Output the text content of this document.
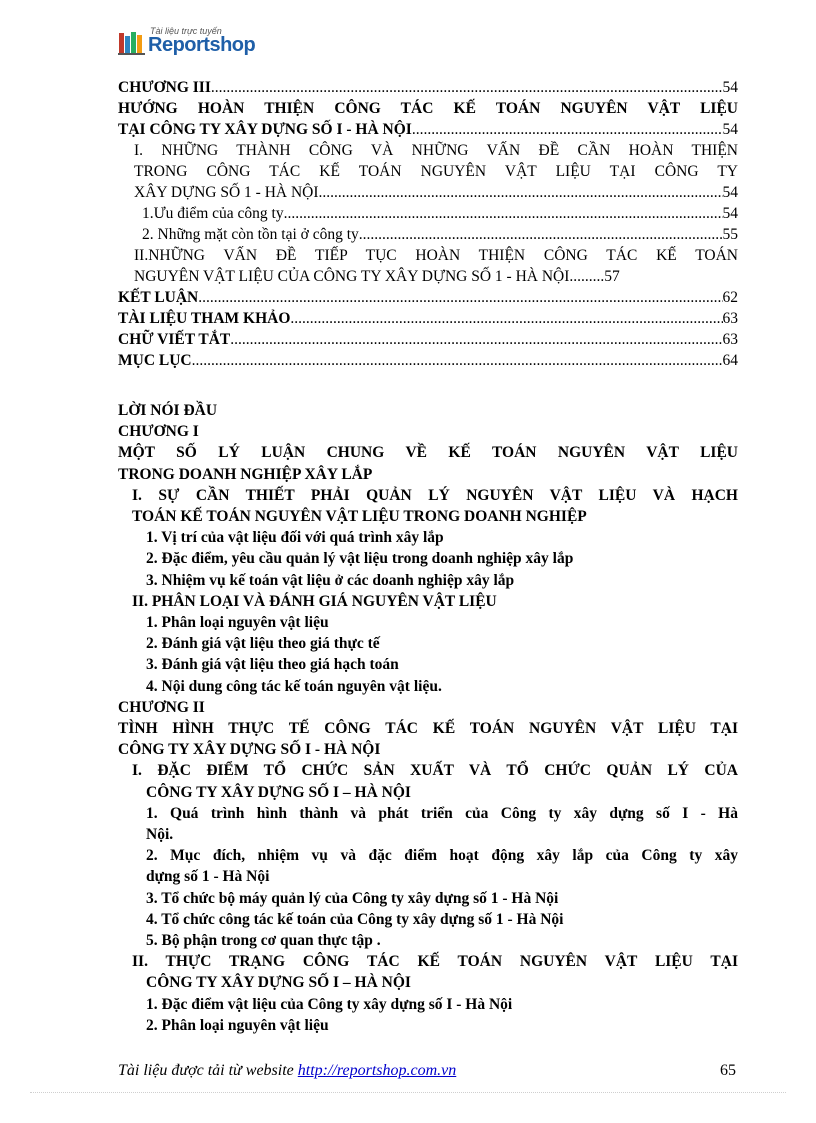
Tài liệu trực tuyến
Reportshop
CHƯƠNG III .....	54
HƯỚNG HOÀN THIỆN CÔNG TÁC KẾ TOÁN NGUYÊN VẬT LIỆU
TẠI CÔNG TY XÂY DỰNG SỐ I - HÀ NỘI .....	54
I. NHỮNG THÀNH CÔNG VÀ NHỮNG VẤN ĐỀ CẦN HOÀN THIỆN
TRONG CÔNG TÁC KẾ TOÁN NGUYÊN VẬT LIỆU TẠI CÔNG TY
XÂY DỰNG SỐ 1 - HÀ NỘI .....	54
1.Ưu điểm của công ty .....	54
2. Những mặt còn tồn tại ở công ty .....	55
II.NHỮNG VẤN ĐỀ TIẾP TỤC HOÀN THIỆN CÔNG TÁC KẾ TOÁN
NGUYÊN VẬT LIỆU CỦA CÔNG TY XÂY DỰNG SỐ 1 - HÀ NỘI ......... 57
KẾT LUẬN .....	62
TÀI LIỆU THAM KHẢO .....	63
CHỮ VIẾT TẮT .....	63
MỤC LỤC .....	64
LỜI NÓI ĐẦU
CHƯƠNG I
MỘT SỐ LÝ LUẬN CHUNG VỀ KẾ TOÁN NGUYÊN VẬT LIỆU
TRONG DOANH NGHIỆP XÂY LẮP
I. SỰ CẦN THIẾT PHẢI QUẢN LÝ NGUYÊN VẬT LIỆU VÀ HẠCH
TOÁN KẾ TOÁN NGUYÊN VẬT LIỆU TRONG DOANH NGHIỆP
1. Vị trí của vật liệu đối với quá trình xây lắp
2. Đặc điểm, yêu cầu quản lý vật liệu trong doanh nghiệp xây lắp
3. Nhiệm vụ kế toán vật liệu ở các doanh nghiệp xây lắp
II. PHÂN LOẠI VÀ ĐÁNH GIÁ NGUYÊN VẬT LIỆU
1. Phân loại nguyên vật liệu
2. Đánh giá vật liệu theo giá thực tế
3. Đánh giá vật liệu theo giá hạch toán
4. Nội dung công tác kế toán nguyên vật liệu.
CHƯƠNG II
TÌNH HÌNH THỰC TẾ CÔNG TÁC KẾ TOÁN NGUYÊN VẬT LIỆU TẠI
CÔNG TY XÂY DỰNG SỐ I - HÀ NỘI
I. ĐẶC ĐIỂM TỔ CHỨC SẢN XUẤT VÀ TỔ CHỨC QUẢN LÝ CỦA
CÔNG TY XÂY DỰNG SỐ I – HÀ NỘI
1. Quá trình hình thành và phát triển của Công ty xây dựng số I - Hà
Nội.
2. Mục đích, nhiệm vụ và đặc điểm hoạt động xây lắp của Công ty xây
dựng số 1 - Hà Nội
3. Tổ chức bộ máy quản lý của Công ty xây dựng số 1 - Hà Nội
4. Tổ chức công tác kế toán của Công ty xây dựng số 1 - Hà Nội
5. Bộ phận trong cơ quan thực tập .
II. THỰC TRẠNG CÔNG TÁC KẾ TOÁN NGUYÊN VẬT LIỆU TẠI
CÔNG TY XÂY DỰNG SỐ I – HÀ NỘI
1. Đặc điểm vật liệu của Công ty xây dựng số I - Hà Nội
2. Phân loại nguyên vật liệu
Tài liệu được tải từ website http://reportshop.com.vn	65
